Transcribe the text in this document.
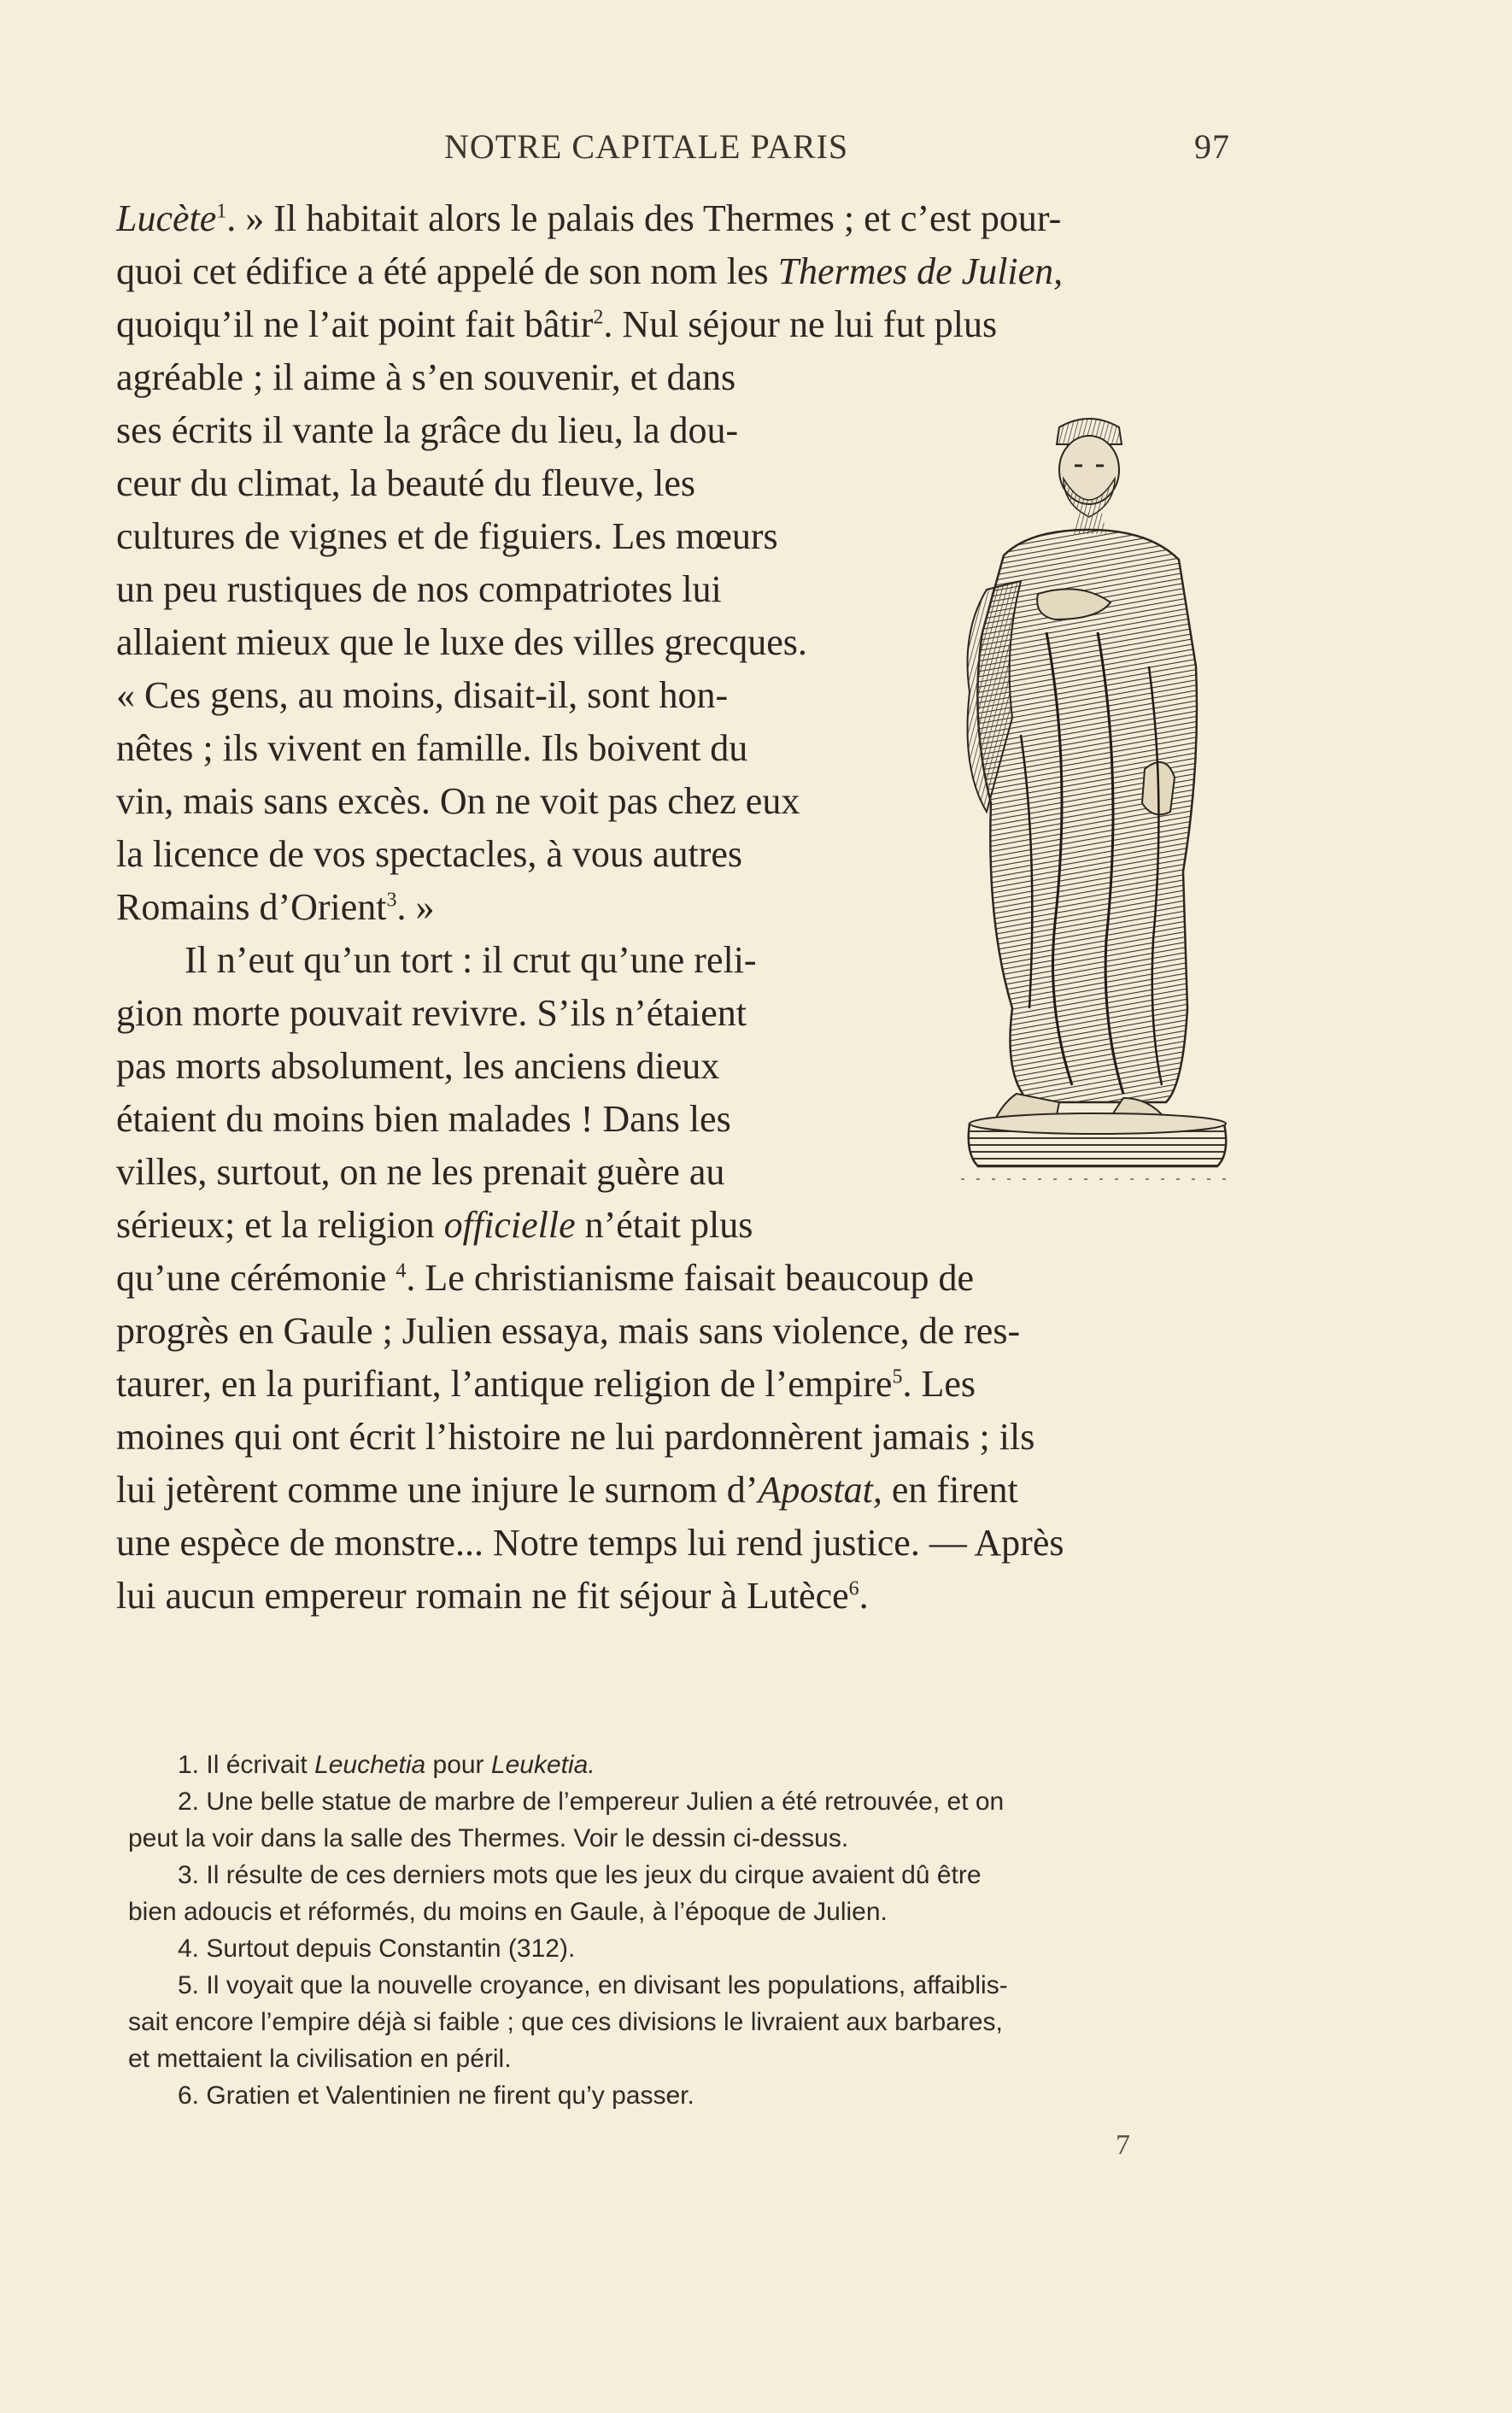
NOTRE CAPITALE PARIS	97
Lucète$^1$. » Il habitait alors le palais des Thermes ; et c’est pour-
quoi cet édifice a été appelé de son nom les Thermes de Julien,
quoiqu’il ne l’ait point fait bâtir$^2$. Nul séjour ne lui fut plus
agréable ; il aime à s’en souvenir, et dans
ses écrits il vante la grâce du lieu, la dou-
ceur du climat, la beauté du fleuve, les
cultures de vignes et de figuiers. Les mœurs
un peu rustiques de nos compatriotes lui
allaient mieux que le luxe des villes grecques.
« Ces gens, au moins, disait-il, sont hon-
nêtes ; ils vivent en famille. Ils boivent du
vin, mais sans excès. On ne voit pas chez eux
la licence de vos spectacles, à vous autres
Romains d’Orient$^3$. »
Il n’eut qu’un tort : il crut qu’une reli-
gion morte pouvait revivre. S’ils n’étaient
pas morts absolument, les anciens dieux
étaient du moins bien malades ! Dans les
villes, surtout, on ne les prenait guère au
sérieux; et la religion officielle n’était plus
qu’une cérémonie $^4$. Le christianisme faisait beaucoup de
progrès en Gaule ; Julien essaya, mais sans violence, de res-
taurer, en la purifiant, l’antique religion de l’empire$^5$. Les
moines qui ont écrit l’histoire ne lui pardonnèrent jamais ; ils
lui jetèrent comme une injure le surnom d’Apostat, en firent
une espèce de monstre... Notre temps lui rend justice. — Après
lui aucun empereur romain ne fit séjour à Lutèce$^6$.
1. Il écrivait Leuchetia pour Leuketia.
2. Une belle statue de marbre de l’empereur Julien a été retrouvée, et on
peut la voir dans la salle des Thermes. Voir le dessin ci-dessus.
3. Il résulte de ces derniers mots que les jeux du cirque avaient dû être
bien adoucis et réformés, du moins en Gaule, à l’époque de Julien.
4. Surtout depuis Constantin (312).
5. Il voyait que la nouvelle croyance, en divisant les populations, affaiblis-
sait encore l’empire déjà si faible ; que ces divisions le livraient aux barbares,
et mettaient la civilisation en péril.
6. Gratien et Valentinien ne firent qu’y passer.
7
